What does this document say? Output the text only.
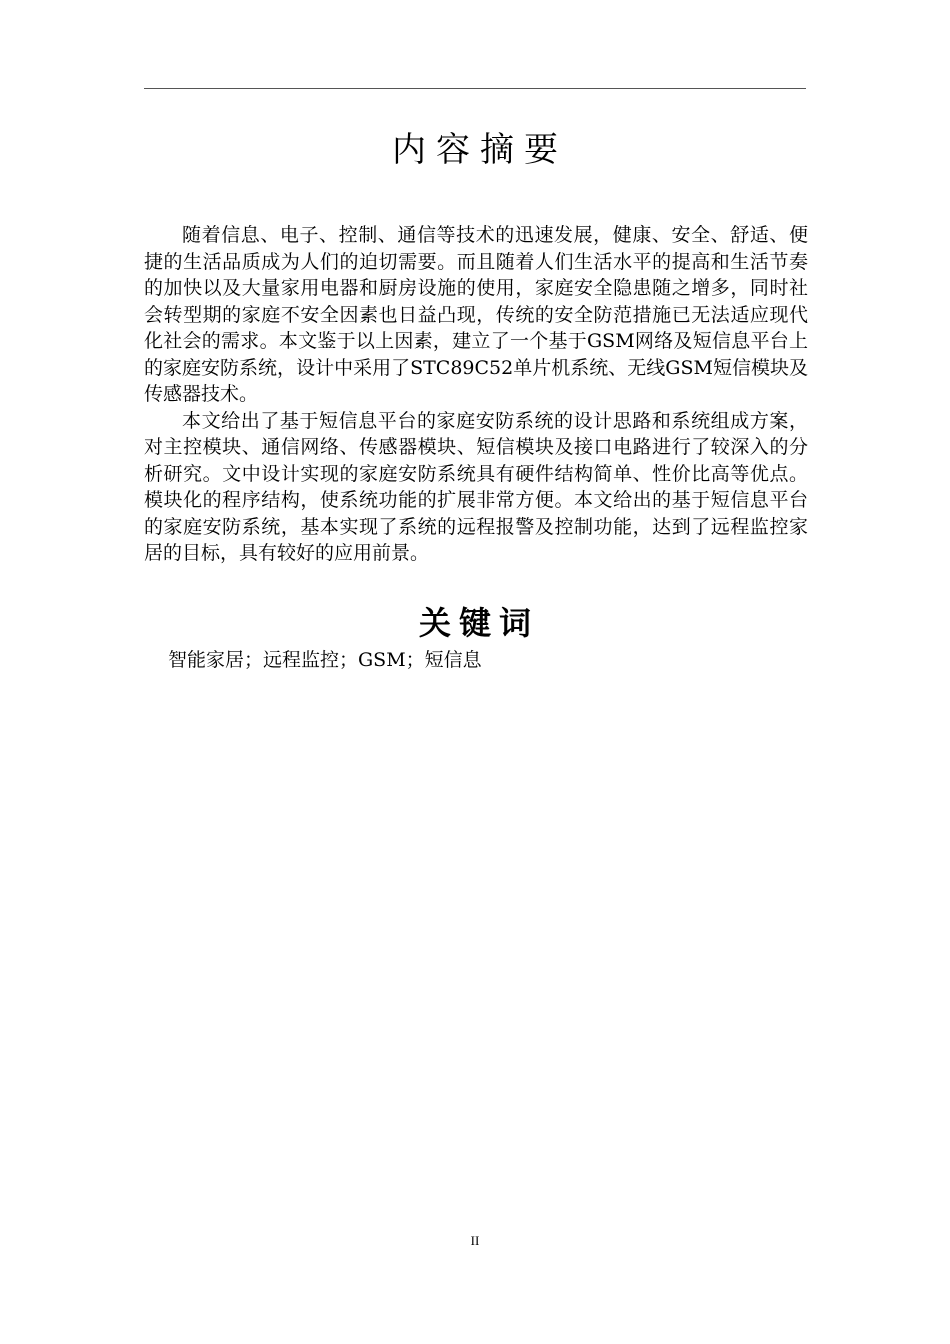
内容摘要

随着信息、电子、控制、通信等技术的迅速发展，健康、安全、舒适、便捷的生活品质成为人们的迫切需要。而且随着人们生活水平的提高和生活节奏的加快以及大量家用电器和厨房设施的使用，家庭安全隐患随之增多，同时社会转型期的家庭不安全因素也日益凸现，传统的安全防范措施已无法适应现代化社会的需求。本文鉴于以上因素，建立了一个基于GSM网络及短信息平台上的家庭安防系统，设计中采用了STC89C52单片机系统、无线GSM短信模块及传感器技术。

本文给出了基于短信息平台的家庭安防系统的设计思路和系统组成方案，对主控模块、通信网络、传感器模块、短信模块及接口电路进行了较深入的分析研究。文中设计实现的家庭安防系统具有硬件结构简单、性价比高等优点。模块化的程序结构，使系统功能的扩展非常方便。本文给出的基于短信息平台的家庭安防系统，基本实现了系统的远程报警及控制功能，达到了远程监控家居的目标，具有较好的应用前景。

关键词
智能家居；远程监控；GSM；短信息
II
